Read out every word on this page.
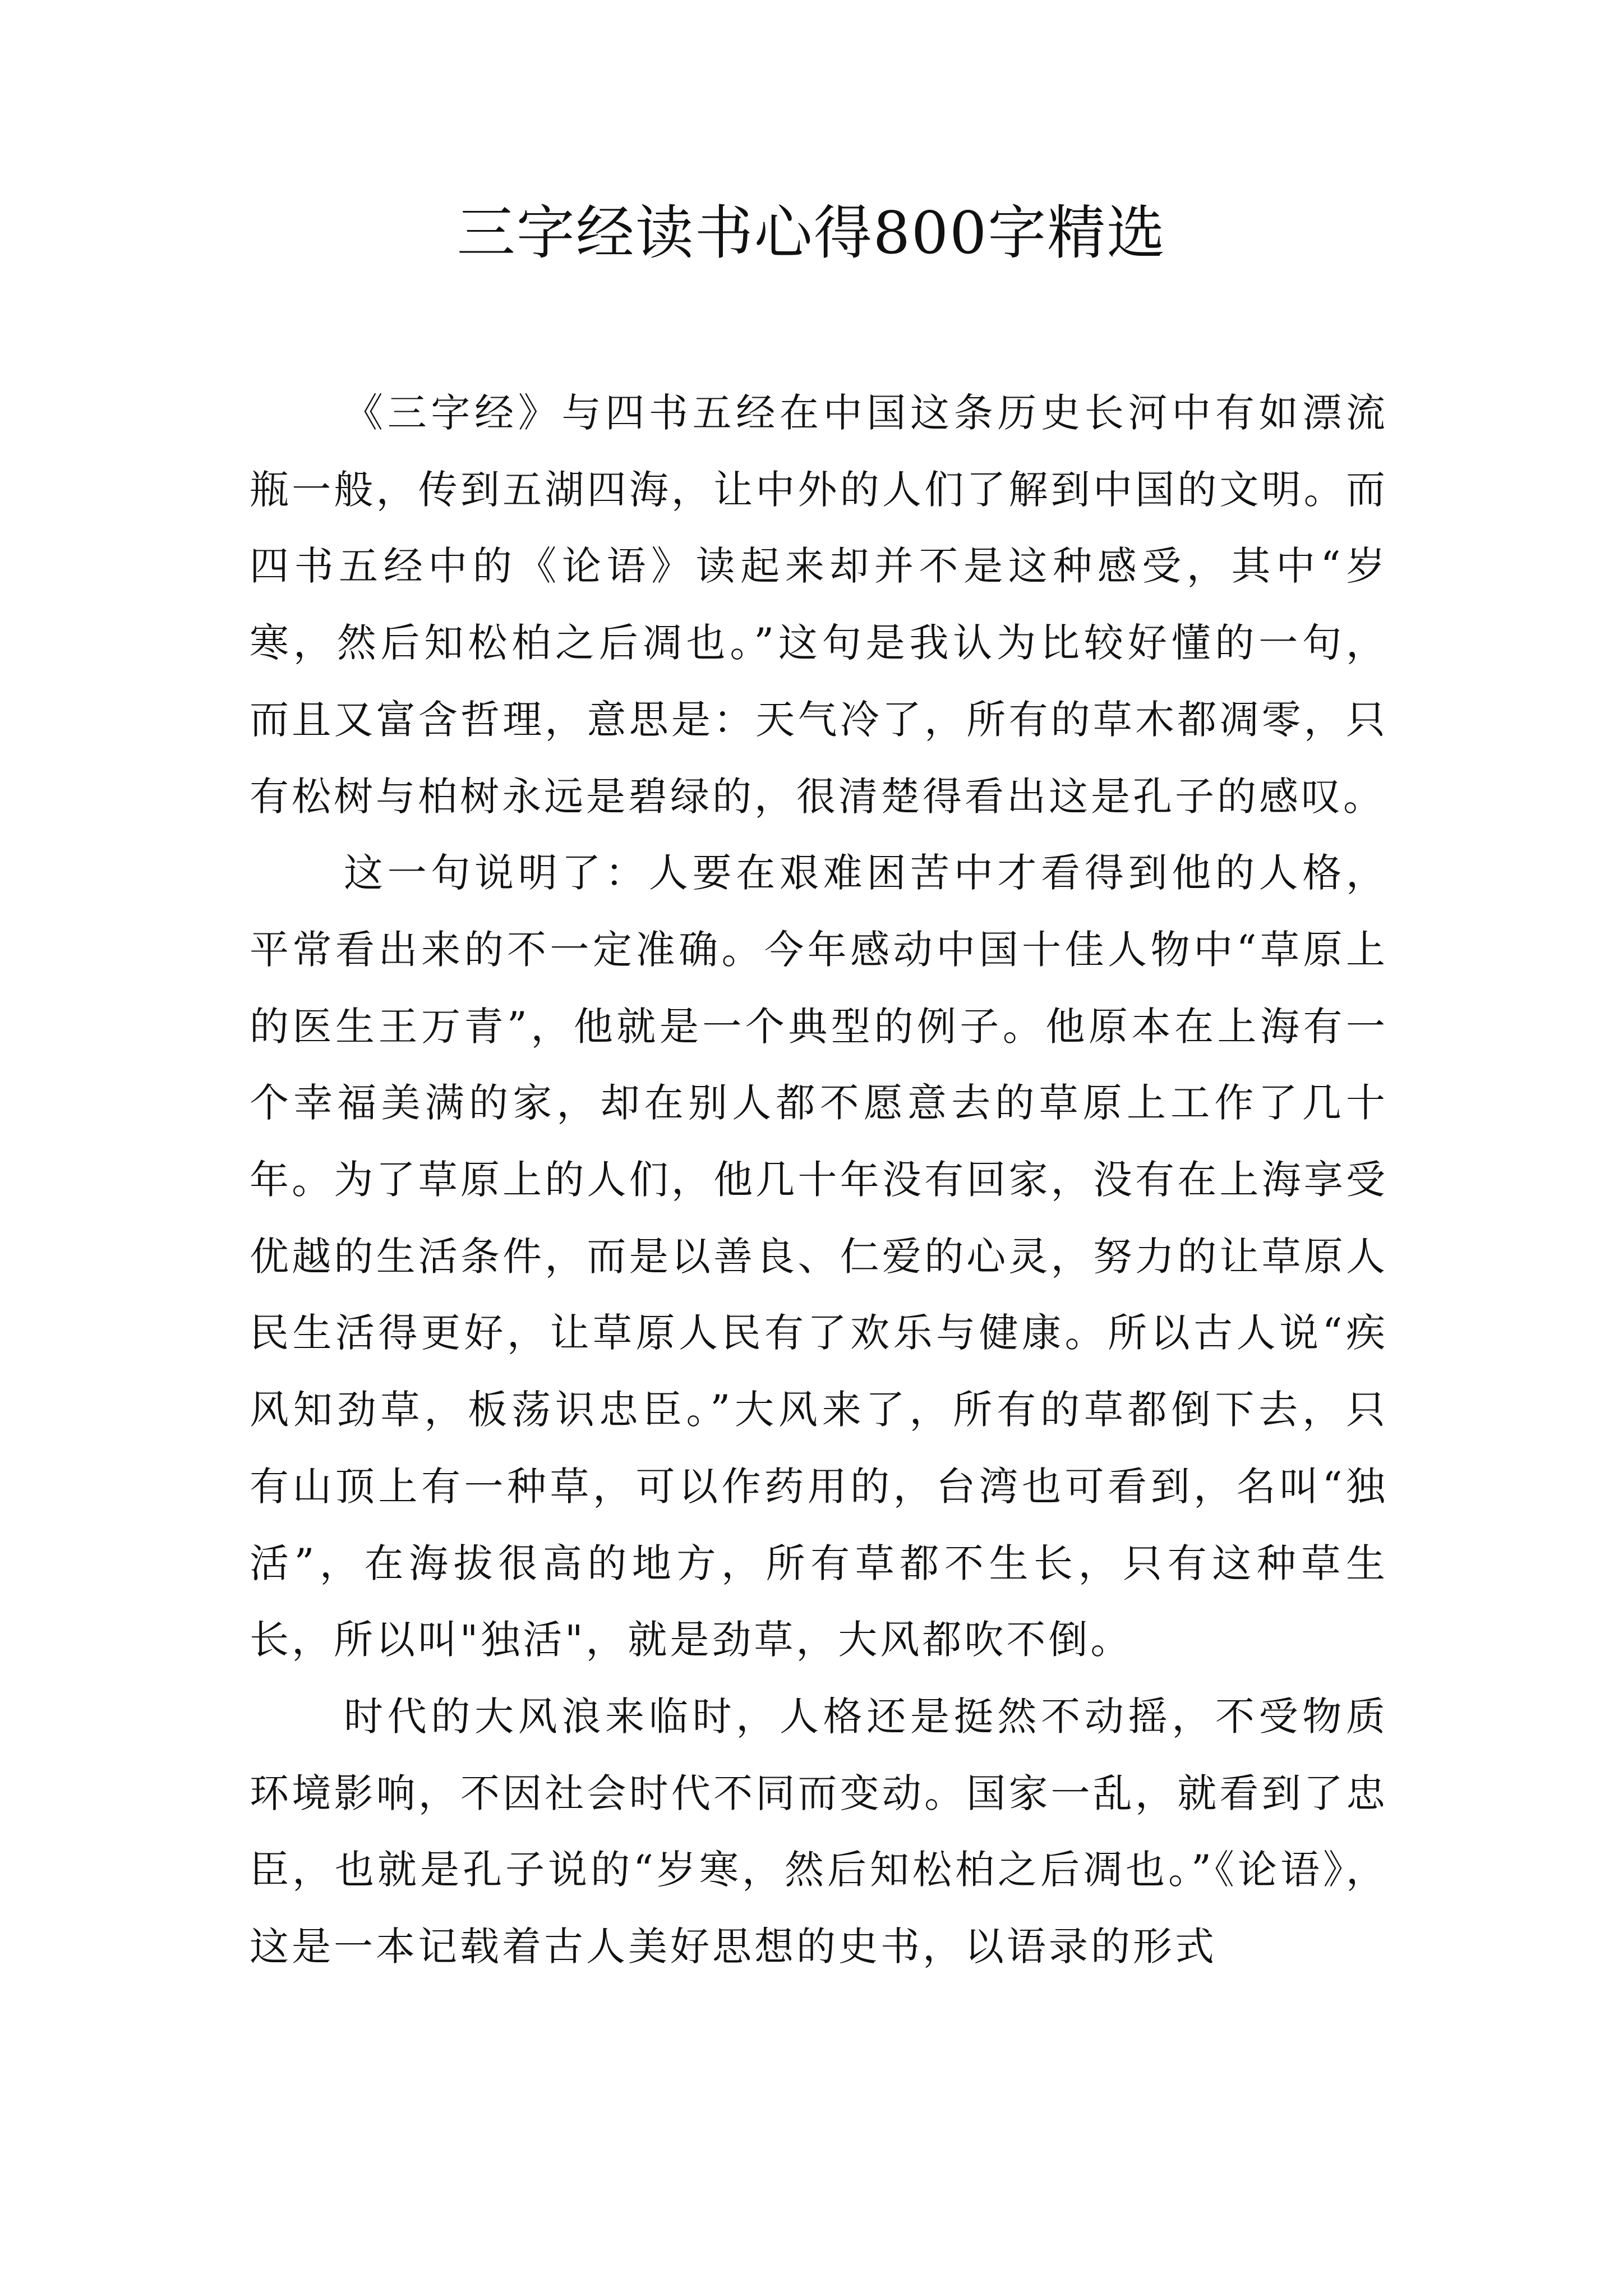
三字经读书心得800字精选

《三字经》与四书五经在中国这条历史长河中有如漂流瓶一般，传到五湖四海，让中外的人们了解到中国的文明。而四书五经中的《论语》读起来却并不是这种感受，其中“岁寒，然后知松柏之后凋也。”这句是我认为比较好懂的一句，而且又富含哲理，意思是：天气冷了，所有的草木都凋零，只有松树与柏树永远是碧绿的，很清楚得看出这是孔子的感叹。

这一句说明了：人要在艰难困苦中才看得到他的人格，平常看出来的不一定准确。今年感动中国十佳人物中“草原上的医生王万青”，他就是一个典型的例子。他原本在上海有一个幸福美满的家，却在别人都不愿意去的草原上工作了几十年。为了草原上的人们，他几十年没有回家，没有在上海享受优越的生活条件，而是以善良、仁爱的心灵，努力的让草原人民生活得更好，让草原人民有了欢乐与健康。所以古人说“疾风知劲草，板荡识忠臣。”大风来了，所有的草都倒下去，只有山顶上有一种草，可以作药用的，台湾也可看到，名叫“独活”，在海拔很高的地方，所有草都不生长，只有这种草生长，所以叫"独活"，就是劲草，大风都吹不倒。

时代的大风浪来临时，人格还是挺然不动摇，不受物质环境影响，不因社会时代不同而变动。国家一乱，就看到了忠臣，也就是孔子说的“岁寒，然后知松柏之后凋也。”《论语》，这是一本记载着古人美好思想的史书，以语录的形式
